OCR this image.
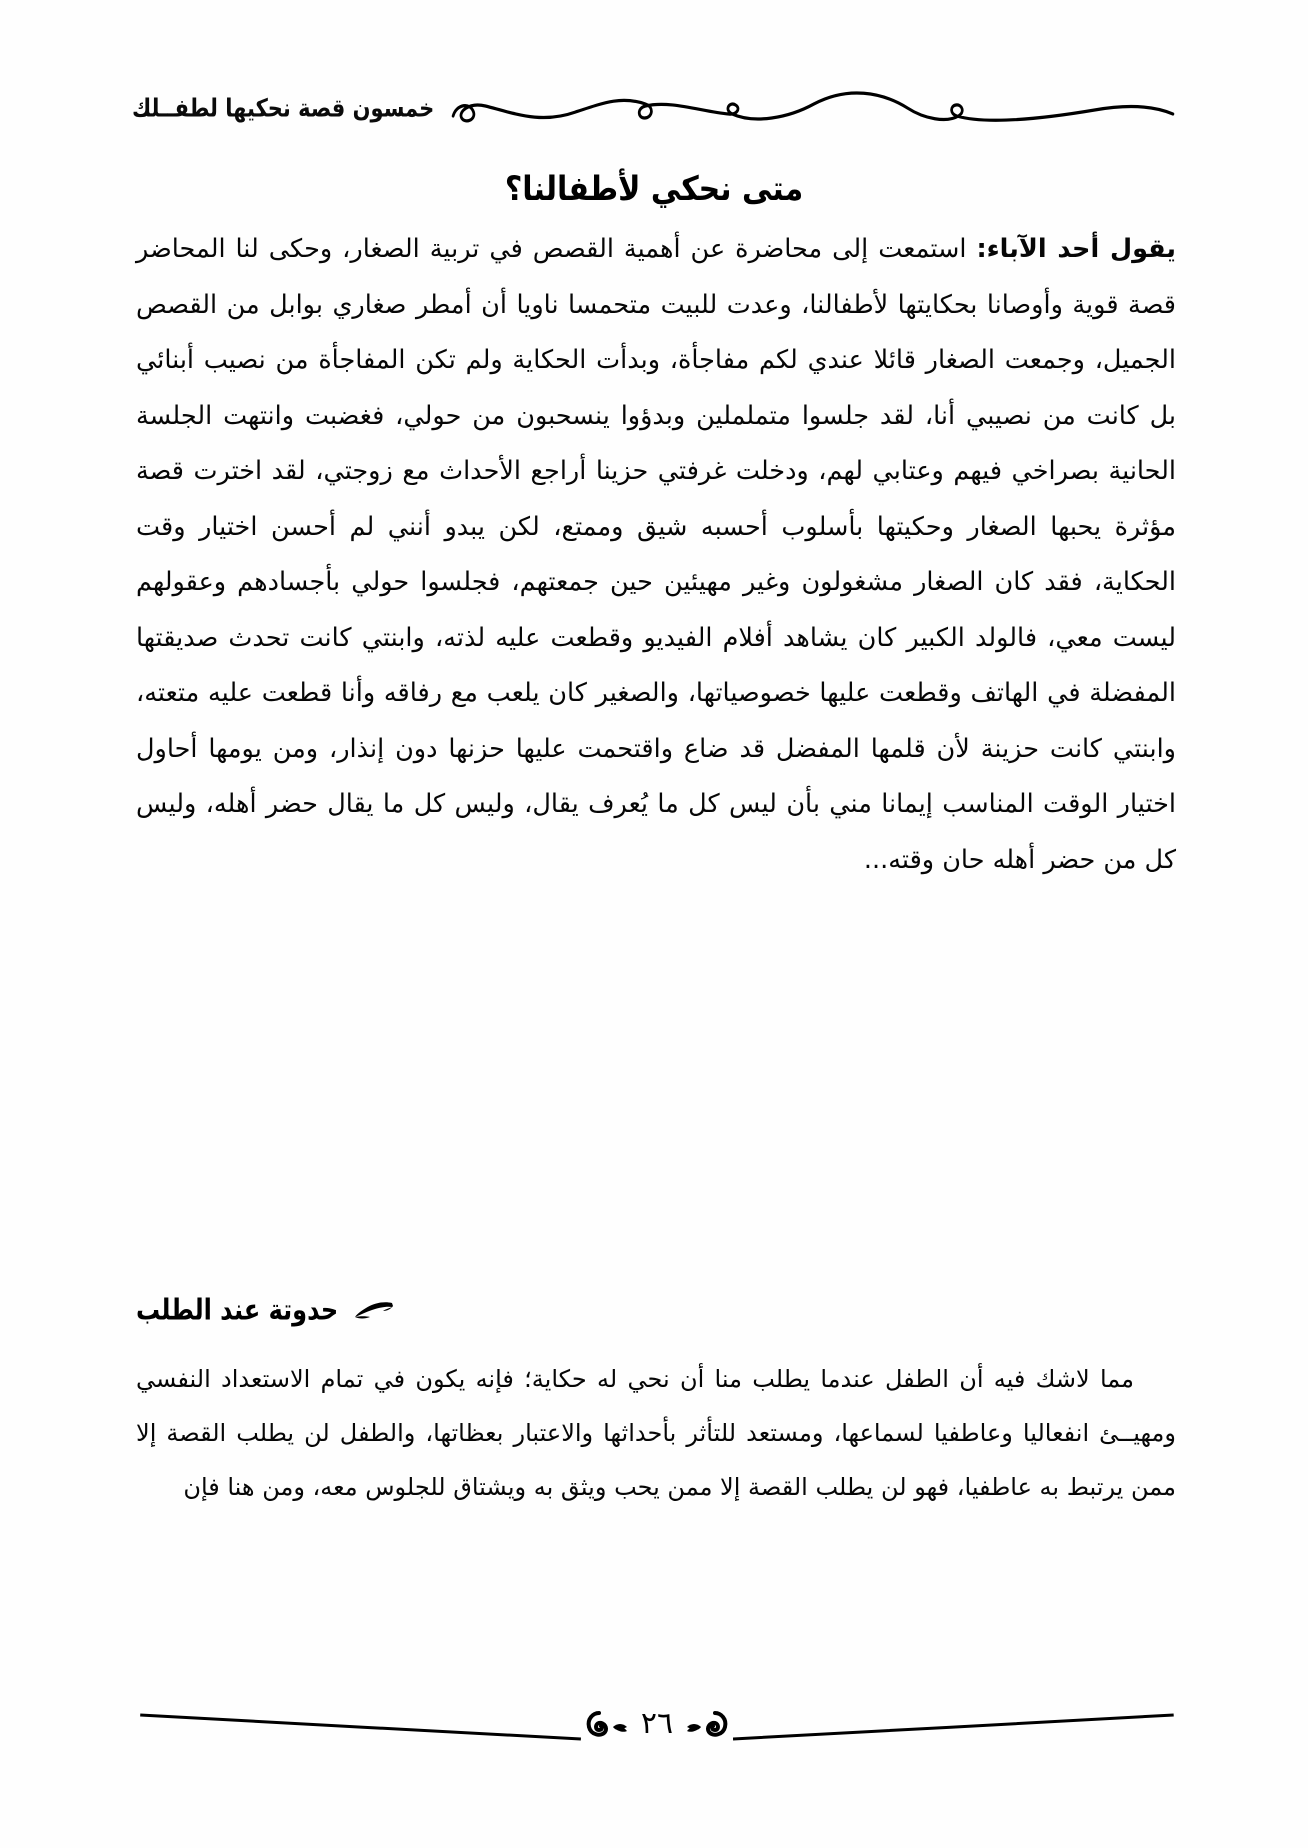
خمسون قصة نحكيها لطفــلك
متى نحكي لأطفالنا؟

يقول أحد الآباء: استمعت إلى محاضرة عن أهمية القصص في تربية الصغار، وحكى لنا المحاضر قصة قوية وأوصانا بحكايتها لأطفالنا، وعدت للبيت متحمسا ناويا أن أمطر صغاري بوابل من القصص الجميل، وجمعت الصغار قائلا عندي لكم مفاجأة، وبدأت الحكاية ولم تكن المفاجأة من نصيب أبنائي بل كانت من نصيبي أنا، لقد جلسوا متململين وبدؤوا ينسحبون من حولي، فغضبت وانتهت الجلسة الحانية بصراخي فيهم وعتابي لهم، ودخلت غرفتي حزينا أراجع الأحداث مع زوجتي، لقد اخترت قصة مؤثرة يحبها الصغار وحكيتها بأسلوب أحسبه شيق وممتع، لكن يبدو أنني لم أحسن اختيار وقت الحكاية، فقد كان الصغار مشغولون وغير مهيئين حين جمعتهم، فجلسوا حولي بأجسادهم وعقولهم ليست معي، فالولد الكبير كان يشاهد أفلام الفيديو وقطعت عليه لذته، وابنتي كانت تحدث صديقتها المفضلة في الهاتف وقطعت عليها خصوصياتها، والصغير كان يلعب مع رفاقه وأنا قطعت عليه متعته، وابنتي كانت حزينة لأن قلمها المفضل قد ضاع واقتحمت عليها حزنها دون إنذار، ومن يومها أحاول اختيار الوقت المناسب إيمانا مني بأن ليس كل ما يُعرف يقال، وليس كل ما يقال حضر أهله، وليس كل من حضر أهله حان وقته...

حدوتة عند الطلب

مما لاشك فيه أن الطفل عندما يطلب منا أن نحي له حكاية؛ فإنه يكون في تمام الاستعداد النفسي ومهيــئ انفعاليا وعاطفيا لسماعها، ومستعد للتأثر بأحداثها والاعتبار بعظاتها، والطفل لن يطلب القصة إلا ممن يرتبط به عاطفيا، فهو لن يطلب القصة إلا ممن يحب ويثق به ويشتاق للجلوس معه، ومن هنا فإن

٢٦
